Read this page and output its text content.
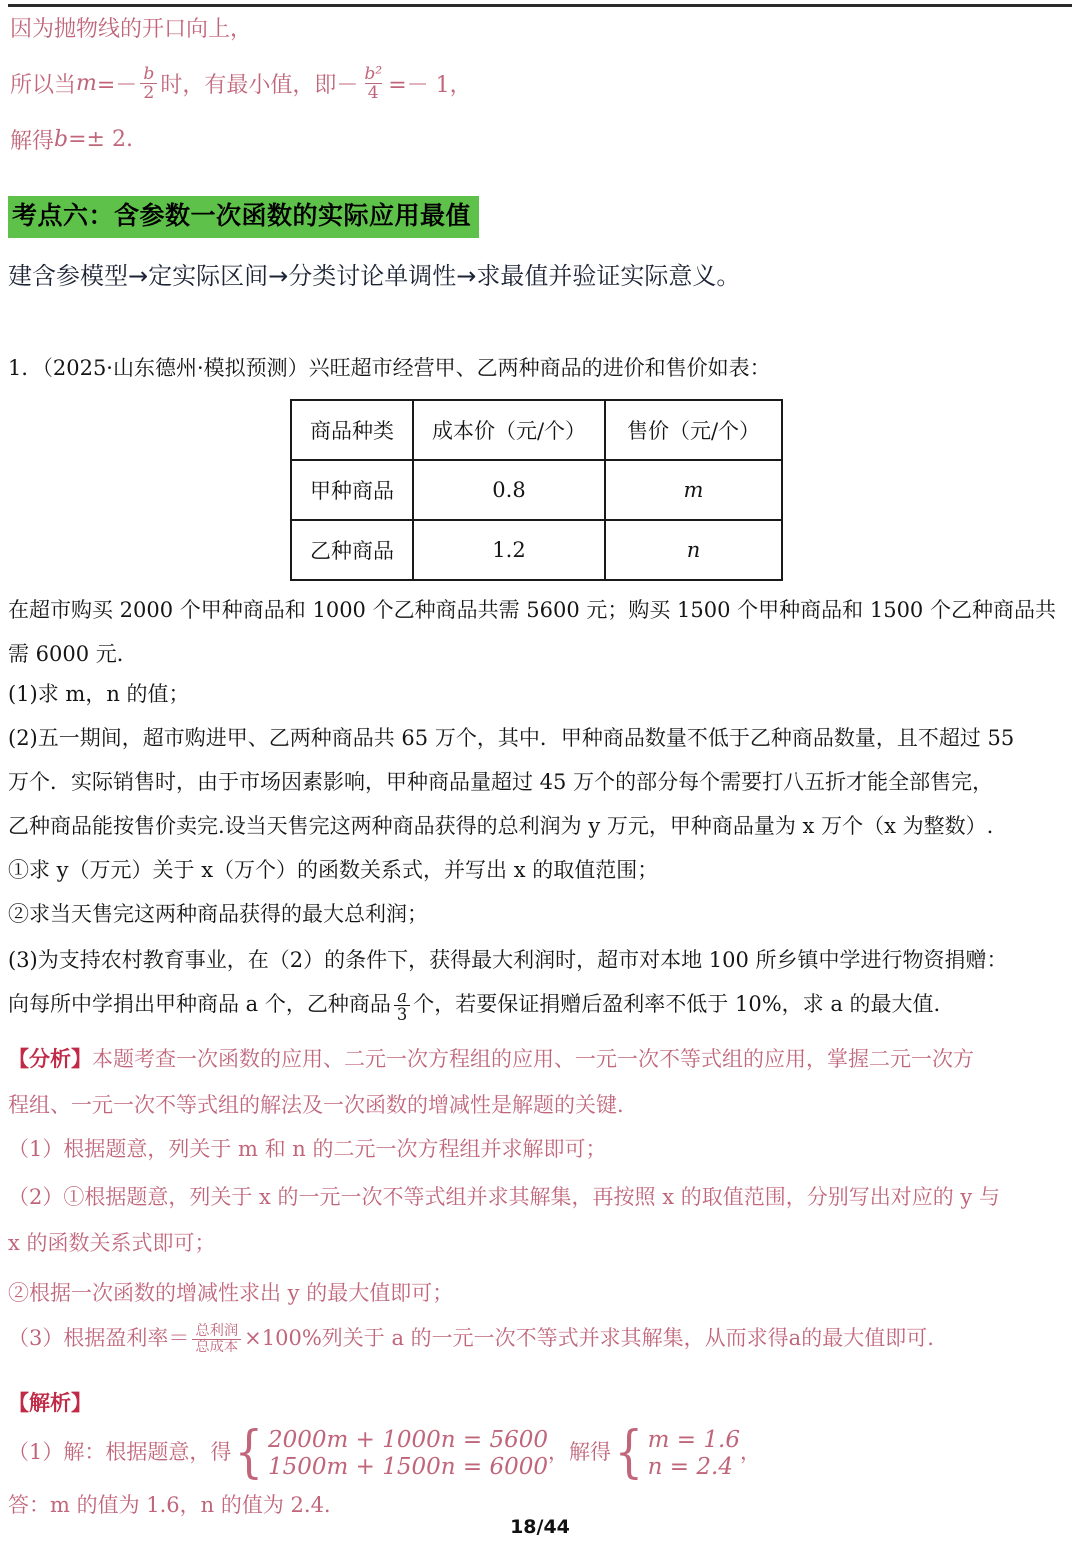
因为抛物线的开口向上，
所以当 $m =- \frac{b}{2}$ 时，有最小值，即－ $\frac{\text{b²}}{4} =- 1$，
解得 b =± 2.
考点六：含参数一次函数的实际应用最值
建含参模型→定实际区间→分类讨论单调性→求最值并验证实际意义。
1．（2025·山东德州·模拟预测）兴旺超市经营甲、乙两种商品的进价和售价如表：
商品种类	成本价（元/个）	售价（元/个）
甲种商品	0.8	m
乙种商品	1.2	n
在超市购买 2000 个甲种商品和 1000 个乙种商品共需 5600 元；购买 1500 个甲种商品和 1500 个乙种商品共
需 6000 元．
(1)求 m，n 的值；
(2)五一期间，超市购进甲、乙两种商品共 65 万个，其中．甲种商品数量不低于乙种商品数量，且不超过 55
万个．实际销售时，由于市场因素影响，甲种商品量超过 45 万个的部分每个需要打八五折才能全部售完，
乙种商品能按售价卖完.设当天售完这两种商品获得的总利润为 y 万元，甲种商品量为 x 万个（x 为整数）.
①求 y（万元）关于 x（万个）的函数关系式，并写出 x 的取值范围；
②求当天售完这两种商品获得的最大总利润；
(3)为支持农村教育事业，在（2）的条件下，获得最大利润时，超市对本地 100 所乡镇中学进行物资捐赠：
向每所中学捐出甲种商品 a 个，乙种商品 $\frac{a}{3}$ 个，若要保证捐赠后盈利率不低于 10%，求 a 的最大值.
【分析】本题考查一次函数的应用、二元一次方程组的应用、一元一次不等式组的应用，掌握二元一次方
程组、一元一次不等式组的解法及一次函数的增减性是解题的关键.
（1）根据题意，列关于 m 和 n 的二元一次方程组并求解即可；
（2）①根据题意，列关于 x 的一元一次不等式组并求其解集，再按照 x 的取值范围，分别写出对应的 y 与
x 的函数关系式即可；
②根据一次函数的增减性求出 y 的最大值即可；
（3）根据盈利率＝ $\frac{\text{总利润}}{\text{总成本}} \times 100\%$列关于 a 的一元一次不等式并求其解集，从而求得a的最大值即可.
【解析】
（1）解：根据题意，得 { 2000m + 1000n = 5600
1500m + 1500n = 6000
，解得 { m = 1.6
n = 2.4
，
答：m 的值为 1.6，n 的值为 2.4.
18/44
